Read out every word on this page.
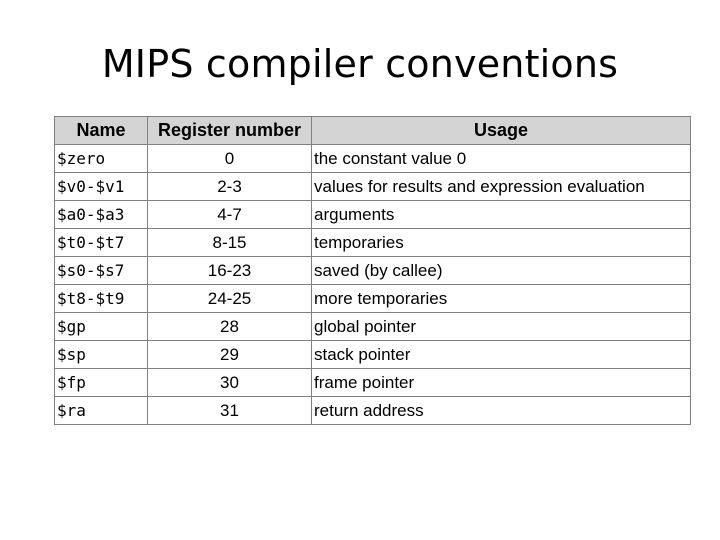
MIPS compiler conventions
Name	Register number	Usage
$zero	0	the constant value 0
$v0-$v1	2-3	values for results and expression evaluation
$a0-$a3	4-7	arguments
$t0-$t7	8-15	temporaries
$s0-$s7	16-23	saved (by callee)
$t8-$t9	24-25	more temporaries
$gp	28	global pointer
$sp	29	stack pointer
$fp	30	frame pointer
$ra	31	return address
